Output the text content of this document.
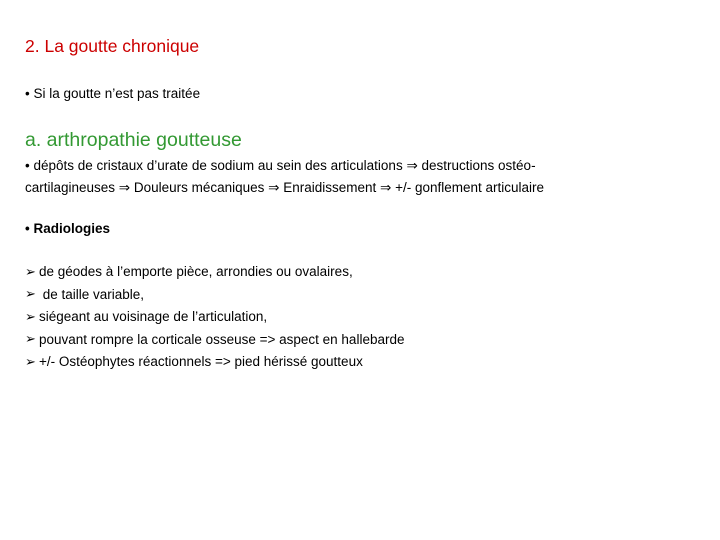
2. La goutte chronique
• Si la goutte n’est pas traitée
a. arthropathie goutteuse
• dépôts de cristaux d’urate de sodium au sein des articulations ⇒ destructions ostéo-
cartilagineuses ⇒ Douleurs mécaniques ⇒ Enraidissement ⇒ +/- gonflement articulaire
• Radiologies
➢ de géodes à l’emporte pièce, arrondies ou ovalaires,
➢ de taille variable,
➢ siégeant au voisinage de l’articulation,
➢ pouvant rompre la corticale osseuse => aspect en hallebarde
➢ +/- Ostéophytes réactionnels => pied hérissé goutteux
